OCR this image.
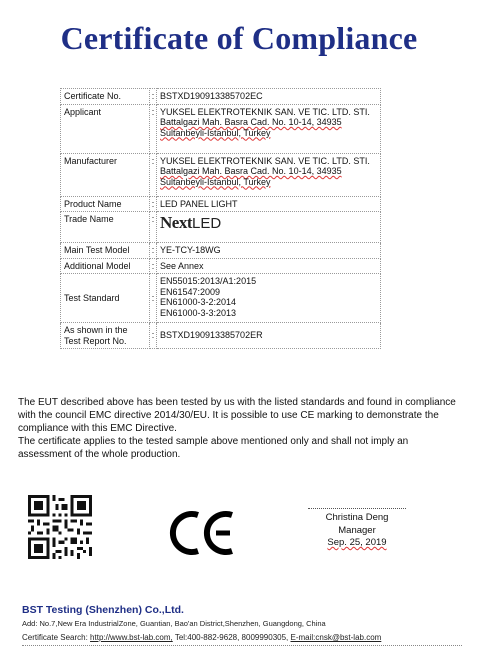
Certificate of Compliance
Certificate No.	:	BSTXD190913385702EC
Applicant	:	YUKSEL ELEKTROTEKNIK SAN. VE TIC. LTD. STI.
Battalgazi Mah. Basra Cad. No. 10-14, 34935
Sultanbeyli-Istanbul, Turkey

Manufacturer	:	YUKSEL ELEKTROTEKNIK SAN. VE TIC. LTD. STI.
Battalgazi Mah. Basra Cad. No. 10-14, 34935
Sultanbeyli-Istanbul, Turkey

Product Name	:	LED PANEL LIGHT
Trade Name	:	NextLED
Main Test Model	:	YE-TCY-18WG
Additional Model	:	See Annex
Test Standard	:	EN55015:2013/A1:2015
EN61547:2009
EN61000-3-2:2014
EN61000-3-3:2013

As shown in the
Test Report No.	:	BSTXD190913385702ER

The EUT described above has been tested by us with the listed standards and found in compliance with the council EMC directive 2014/30/EU. It is possible to use CE marking to demonstrate the compliance with this EMC Directive.

The certificate applies to the tested sample above mentioned only and shall not imply an assessment of the whole production.

Christina Deng
Manager
Sep. 25, 2019
BST Testing (Shenzhen) Co.,Ltd.
Add: No.7,New Era IndustrialZone, Guantian, Bao'an District,Shenzhen, Guangdong, China
Certificate Search: http://www.bst-lab.com, Tel:400-882-9628, 8009990305, E-mail:cnsk@bst-lab.com
